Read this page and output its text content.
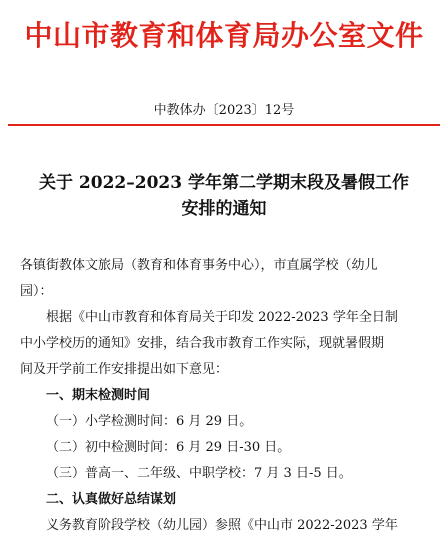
中山市教育和体育局办公室文件
中教体办〔2023〕12号
关于 2022–2023 学年第二学期末段及暑假工作
安排的通知
各镇街教体文旅局（教育和体育事务中心），市直属学校（幼儿
园）：
根据《中山市教育和体育局关于印发 2022-2023 学年全日制
中小学校历的通知》安排，结合我市教育工作实际，现就暑假期
间及开学前工作安排提出如下意见：
一、期末检测时间
（一）小学检测时间：6 月 29 日。
（二）初中检测时间：6 月 29 日-30 日。
（三）普高一、二年级、中职学校：7 月 3 日-5 日。
二、认真做好总结谋划
义务教育阶段学校（幼儿园）参照《中山市 2022-2023 学年
